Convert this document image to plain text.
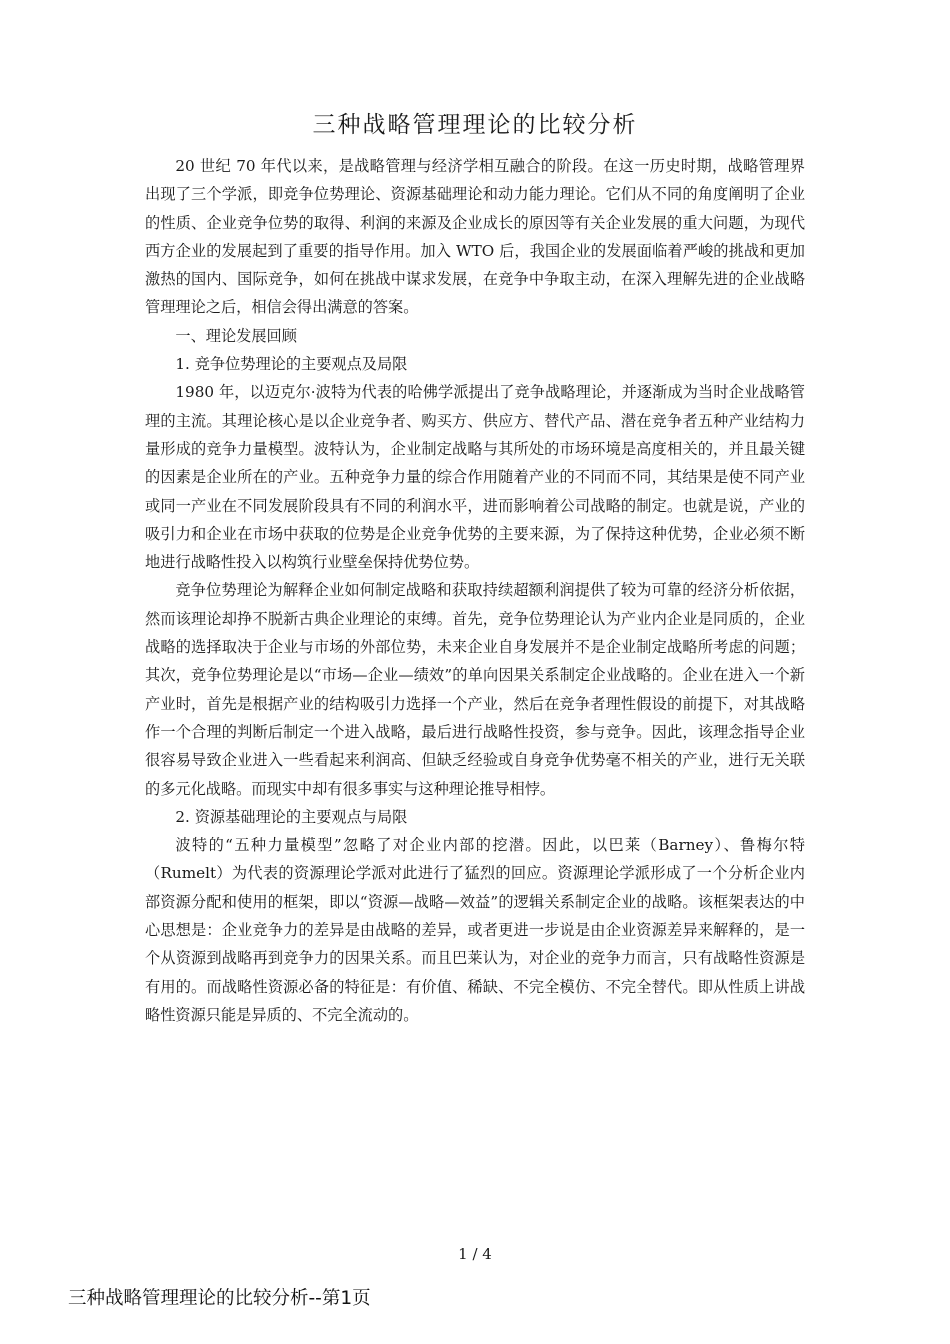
三种战略管理理论的比较分析

20 世纪 70 年代以来，是战略管理与经济学相互融合的阶段。在这一历史时期，战略管理界出现了三个学派，即竞争位势理论、资源基础理论和动力能力理论。它们从不同的角度阐明了企业的性质、企业竞争位势的取得、利润的来源及企业成长的原因等有关企业发展的重大问题，为现代西方企业的发展起到了重要的指导作用。加入 WTO 后，我国企业的发展面临着严峻的挑战和更加激热的国内、国际竞争，如何在挑战中谋求发展，在竞争中争取主动，在深入理解先进的企业战略管理理论之后，相信会得出满意的答案。

一、理论发展回顾

1. 竞争位势理论的主要观点及局限

1980 年，以迈克尔·波特为代表的哈佛学派提出了竞争战略理论，并逐渐成为当时企业战略管理的主流。其理论核心是以企业竞争者、购买方、供应方、替代产品、潜在竞争者五种产业结构力量形成的竞争力量模型。波特认为，企业制定战略与其所处的市场环境是高度相关的，并且最关键的因素是企业所在的产业。五种竞争力量的综合作用随着产业的不同而不同，其结果是使不同产业或同一产业在不同发展阶段具有不同的利润水平，进而影响着公司战略的制定。也就是说，产业的吸引力和企业在市场中获取的位势是企业竞争优势的主要来源，为了保持这种优势，企业必须不断地进行战略性投入以构筑行业壁垒保持优势位势。

竞争位势理论为解释企业如何制定战略和获取持续超额利润提供了较为可靠的经济分析依据，然而该理论却挣不脱新古典企业理论的束缚。首先，竞争位势理论认为产业内企业是同质的，企业战略的选择取决于企业与市场的外部位势，未来企业自身发展并不是企业制定战略所考虑的问题；其次，竞争位势理论是以“市场—企业—绩效”的单向因果关系制定企业战略的。企业在进入一个新产业时，首先是根据产业的结构吸引力选择一个产业，然后在竞争者理性假设的前提下，对其战略作一个合理的判断后制定一个进入战略，最后进行战略性投资，参与竞争。因此，该理念指导企业很容易导致企业进入一些看起来利润高、但缺乏经验或自身竞争优势毫不相关的产业，进行无关联的多元化战略。而现实中却有很多事实与这种理论推导相悖。

2. 资源基础理论的主要观点与局限

波特的“五种力量模型”忽略了对企业内部的挖潜。因此，以巴莱（Barney）、鲁梅尔特（Rumelt）为代表的资源理论学派对此进行了猛烈的回应。资源理论学派形成了一个分析企业内部资源分配和使用的框架，即以“资源—战略—效益”的逻辑关系制定企业的战略。该框架表达的中心思想是：企业竞争力的差异是由战略的差异，或者更进一步说是由企业资源差异来解释的，是一个从资源到战略再到竞争力的因果关系。而且巴莱认为，对企业的竞争力而言，只有战略性资源是有用的。而战略性资源必备的特征是：有价值、稀缺、不完全模仿、不完全替代。即从性质上讲战略性资源只能是异质的、不完全流动的。

1 / 4
三种战略管理理论的比较分析--第1页
